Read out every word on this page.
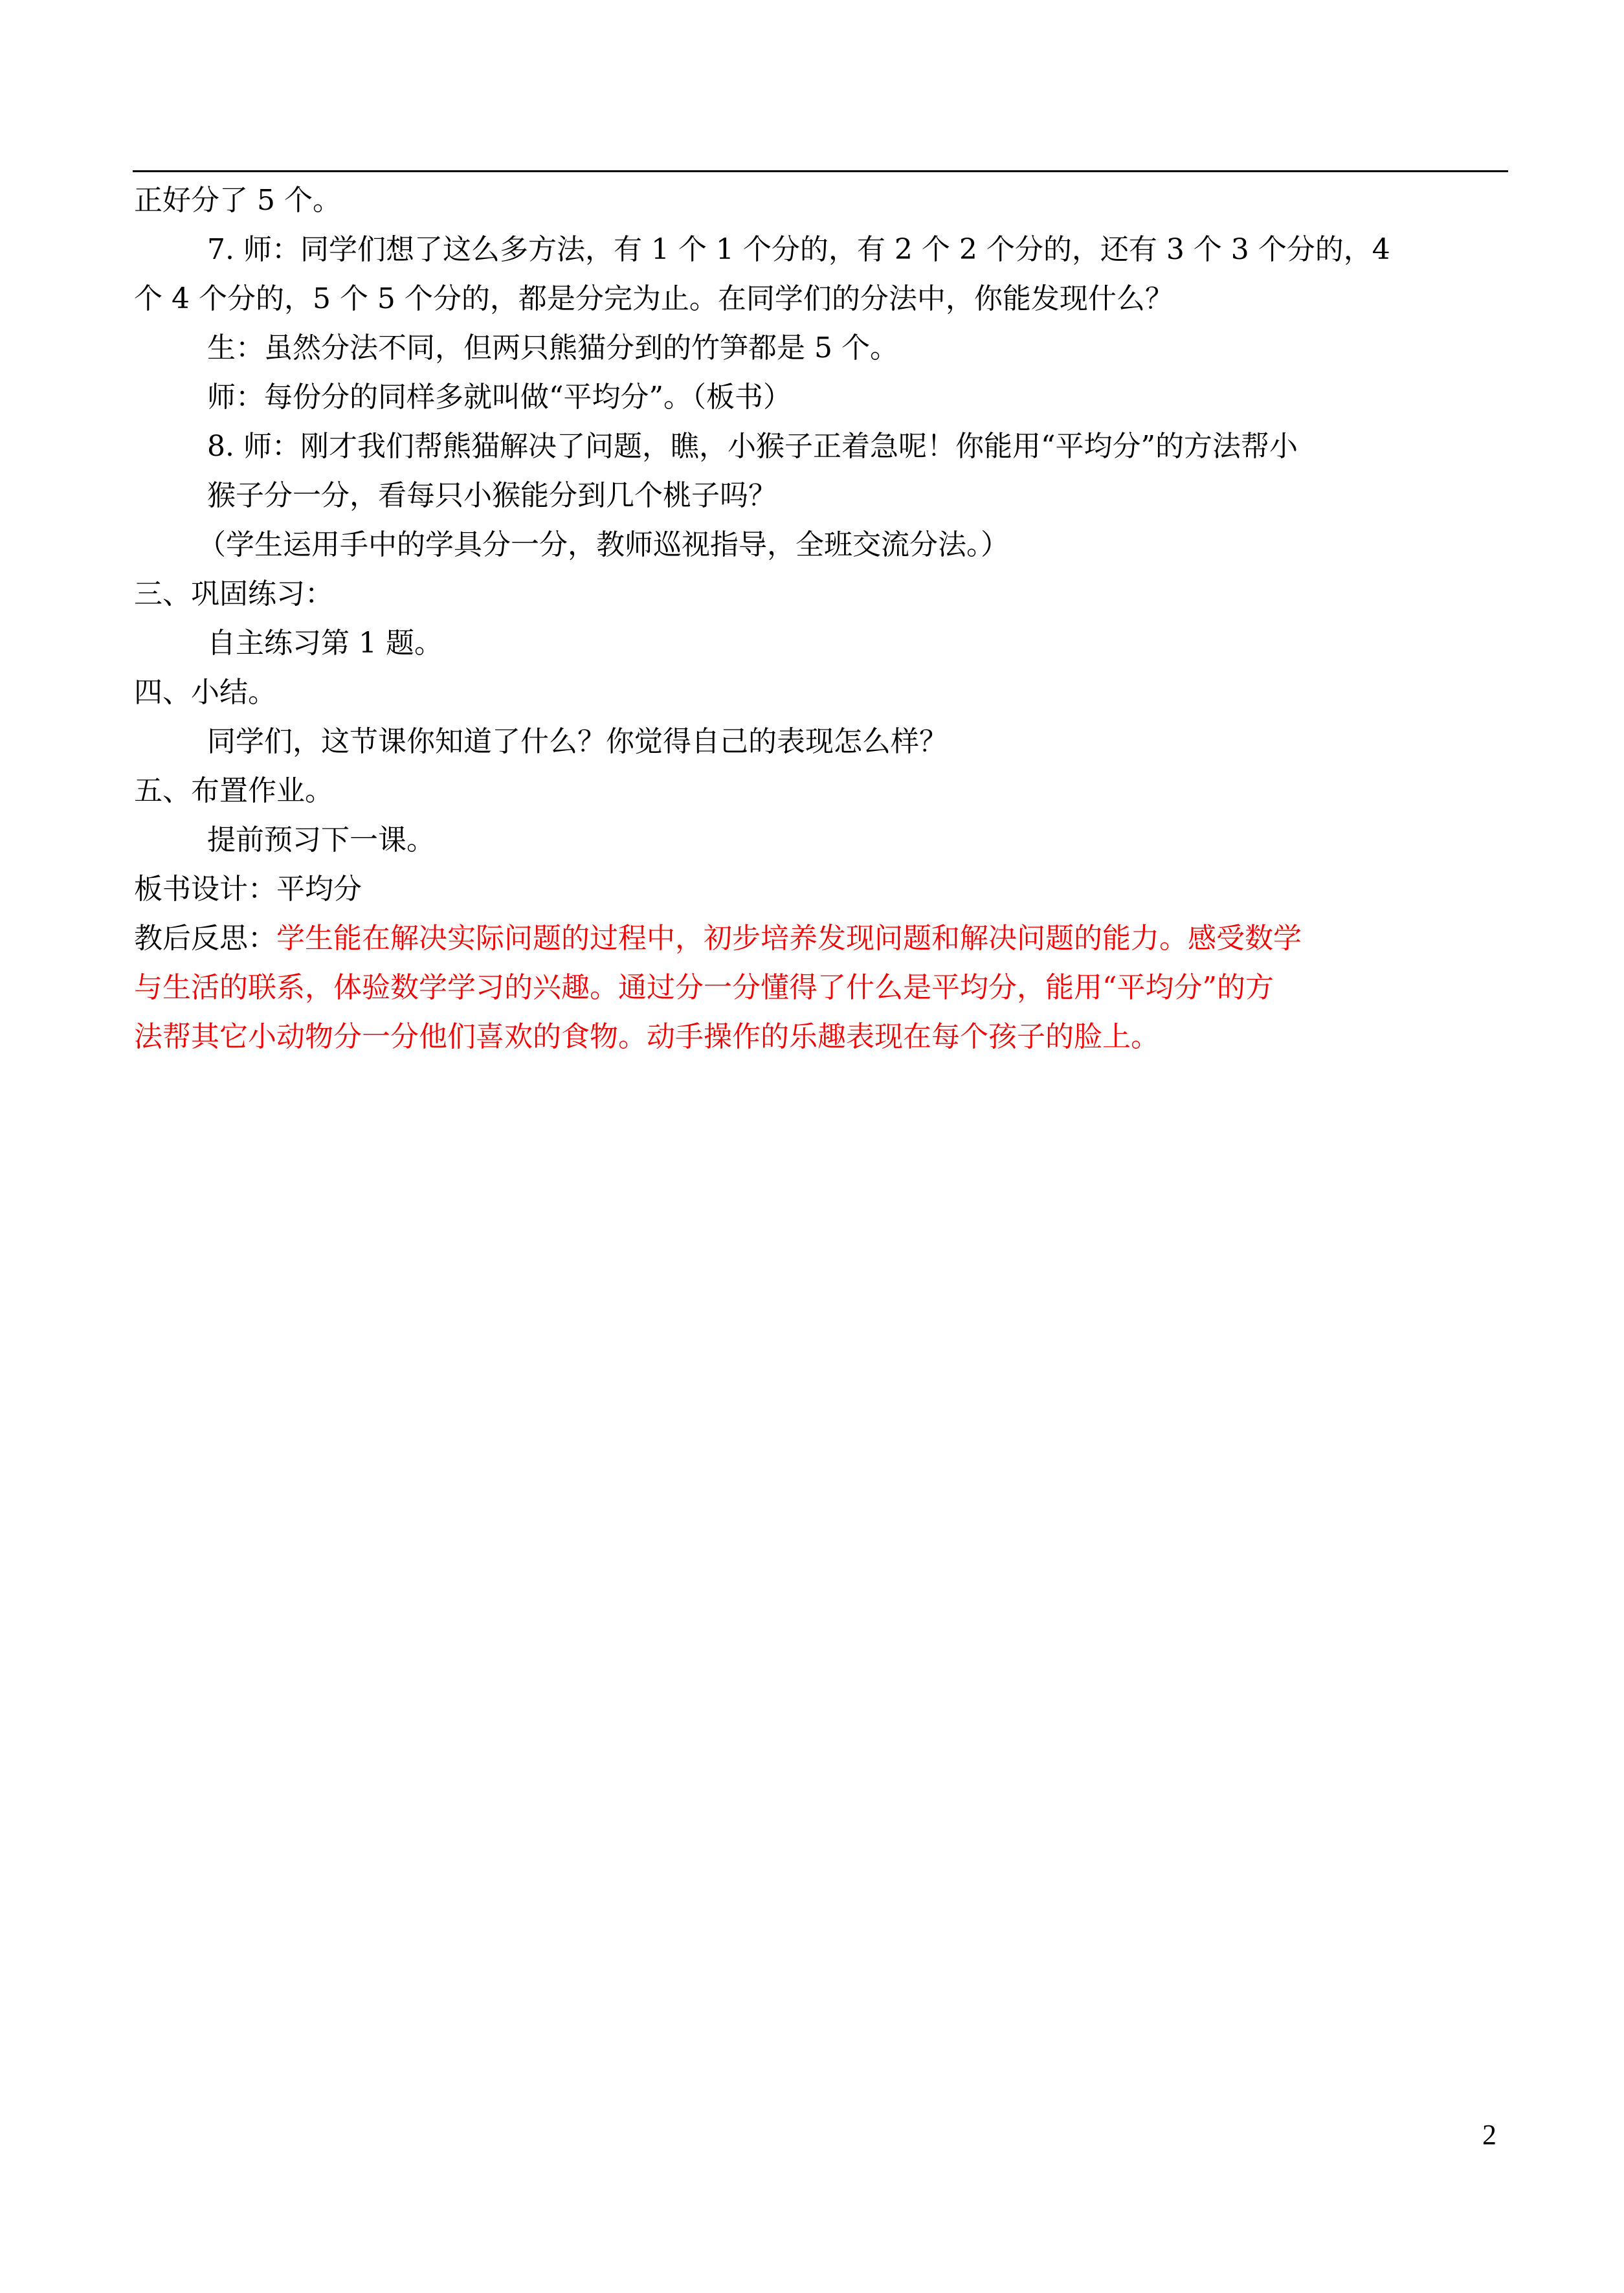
正好分了 5 个。
7. 师：同学们想了这么多方法，有 1 个 1 个分的，有 2 个 2 个分的，还有 3 个 3 个分的，4
个 4 个分的，5 个 5 个分的，都是分完为止。在同学们的分法中，你能发现什么？
生：虽然分法不同，但两只熊猫分到的竹笋都是 5 个。
师：每份分的同样多就叫做“平均分”。（板书）
8. 师：刚才我们帮熊猫解决了问题，瞧，小猴子正着急呢！你能用“平均分”的方法帮小
猴子分一分，看每只小猴能分到几个桃子吗？
（学生运用手中的学具分一分，教师巡视指导，全班交流分法。）
三、巩固练习：
自主练习第 1 题。
四、小结。
同学们，这节课你知道了什么？你觉得自己的表现怎么样？
五、布置作业。
提前预习下一课。
板书设计：平均分
教后反思：学生能在解决实际问题的过程中，初步培养发现问题和解决问题的能力。感受数学
与生活的联系，体验数学学习的兴趣。通过分一分懂得了什么是平均分，能用“平均分”的方
法帮其它小动物分一分他们喜欢的食物。动手操作的乐趣表现在每个孩子的脸上。
2
